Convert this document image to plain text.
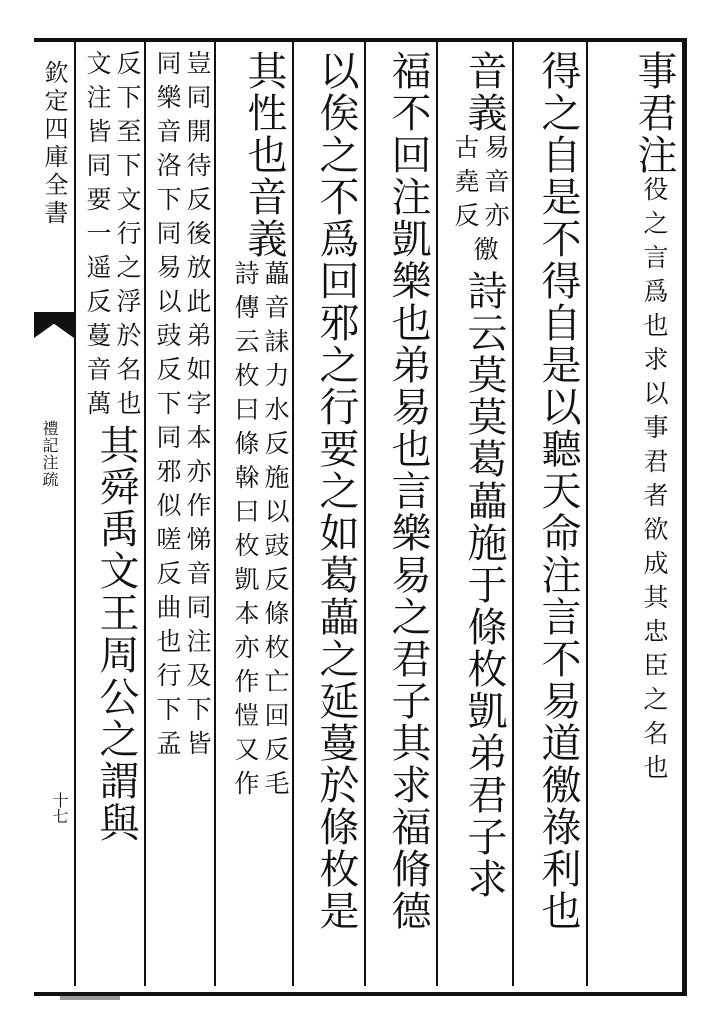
欽定四庫全書
禮記注疏
十七
事君注役之言爲也求以事君者欲成其忠臣之名也
得之自是不得自是以聽天命注言不易道徼祿利也
音義
易音亦
古堯反
徼詩云莫莫葛藟施于條枚凱弟君子求
福不回注凱樂也弟易也言樂易之君子其求福脩德
以俟之不爲回邪之行要之如葛藟之延蔓於條枚是
其性也音義
藟音誄力水反施以豉反條枚亡回反毛
詩傳云枚曰條榦曰枚凱本亦作愷又作
豈同開待反後放此弟如字本亦作悌音同注及下皆
同樂音洛下同易以豉反下同邪似嗟反曲也行下孟
反下至下文行之浮於名也
文注皆同要一遥反蔓音萬
其舜禹文王周公之謂與
